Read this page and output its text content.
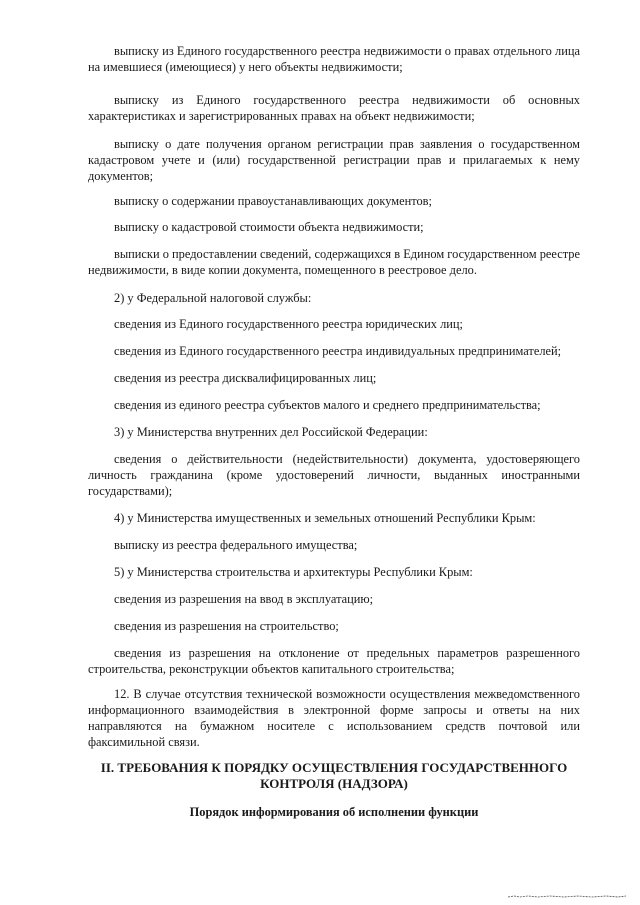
выписку из Единого государственного реестра недвижимости о правах отдельного лица на имевшиеся (имеющиеся) у него объекты недвижимости;

выписку из Единого государственного реестра недвижимости об основных характеристиках и зарегистрированных правах на объект недвижимости;

выписку о дате получения органом регистрации прав заявления о государственном кадастровом учете и (или) государственной регистрации прав и прилагаемых к нему документов;

выписку о содержании правоустанавливающих документов;

выписку о кадастровой стоимости объекта недвижимости;

выписки о предоставлении сведений, содержащихся в Едином государственном реестре недвижимости, в виде копии документа, помещенного в реестровое дело.

2) у Федеральной налоговой службы:

сведения из Единого государственного реестра юридических лиц;

сведения из Единого государственного реестра индивидуальных предпринимателей;

сведения из реестра дисквалифицированных лиц;

сведения из единого реестра субъектов малого и среднего предпринимательства;

3) у Министерства внутренних дел Российской Федерации:

сведения о действительности (недействительности) документа, удостоверяющего личность гражданина (кроме удостоверений личности, выданных иностранными государствами);

4) у Министерства имущественных и земельных отношений Республики Крым:

выписку из реестра федерального имущества;

5) у Министерства строительства и архитектуры Республики Крым:

сведения из разрешения на ввод в эксплуатацию;

сведения из разрешения на строительство;

сведения из разрешения на отклонение от предельных параметров разрешенного строительства, реконструкции объектов капитального строительства;

12. В случае отсутствия технической возможности осуществления межведомственного информационного взаимодействия в электронной форме запросы и ответы на них направляются на бумажном носителе с использованием средств почтовой или факсимильной связи.

II. ТРЕБОВАНИЯ К ПОРЯДКУ ОСУЩЕСТВЛЕНИЯ ГОСУДАРСТВЕННОГО КОНТРОЛЯ (НАДЗОРА)
Порядок информирования об исполнении функции
